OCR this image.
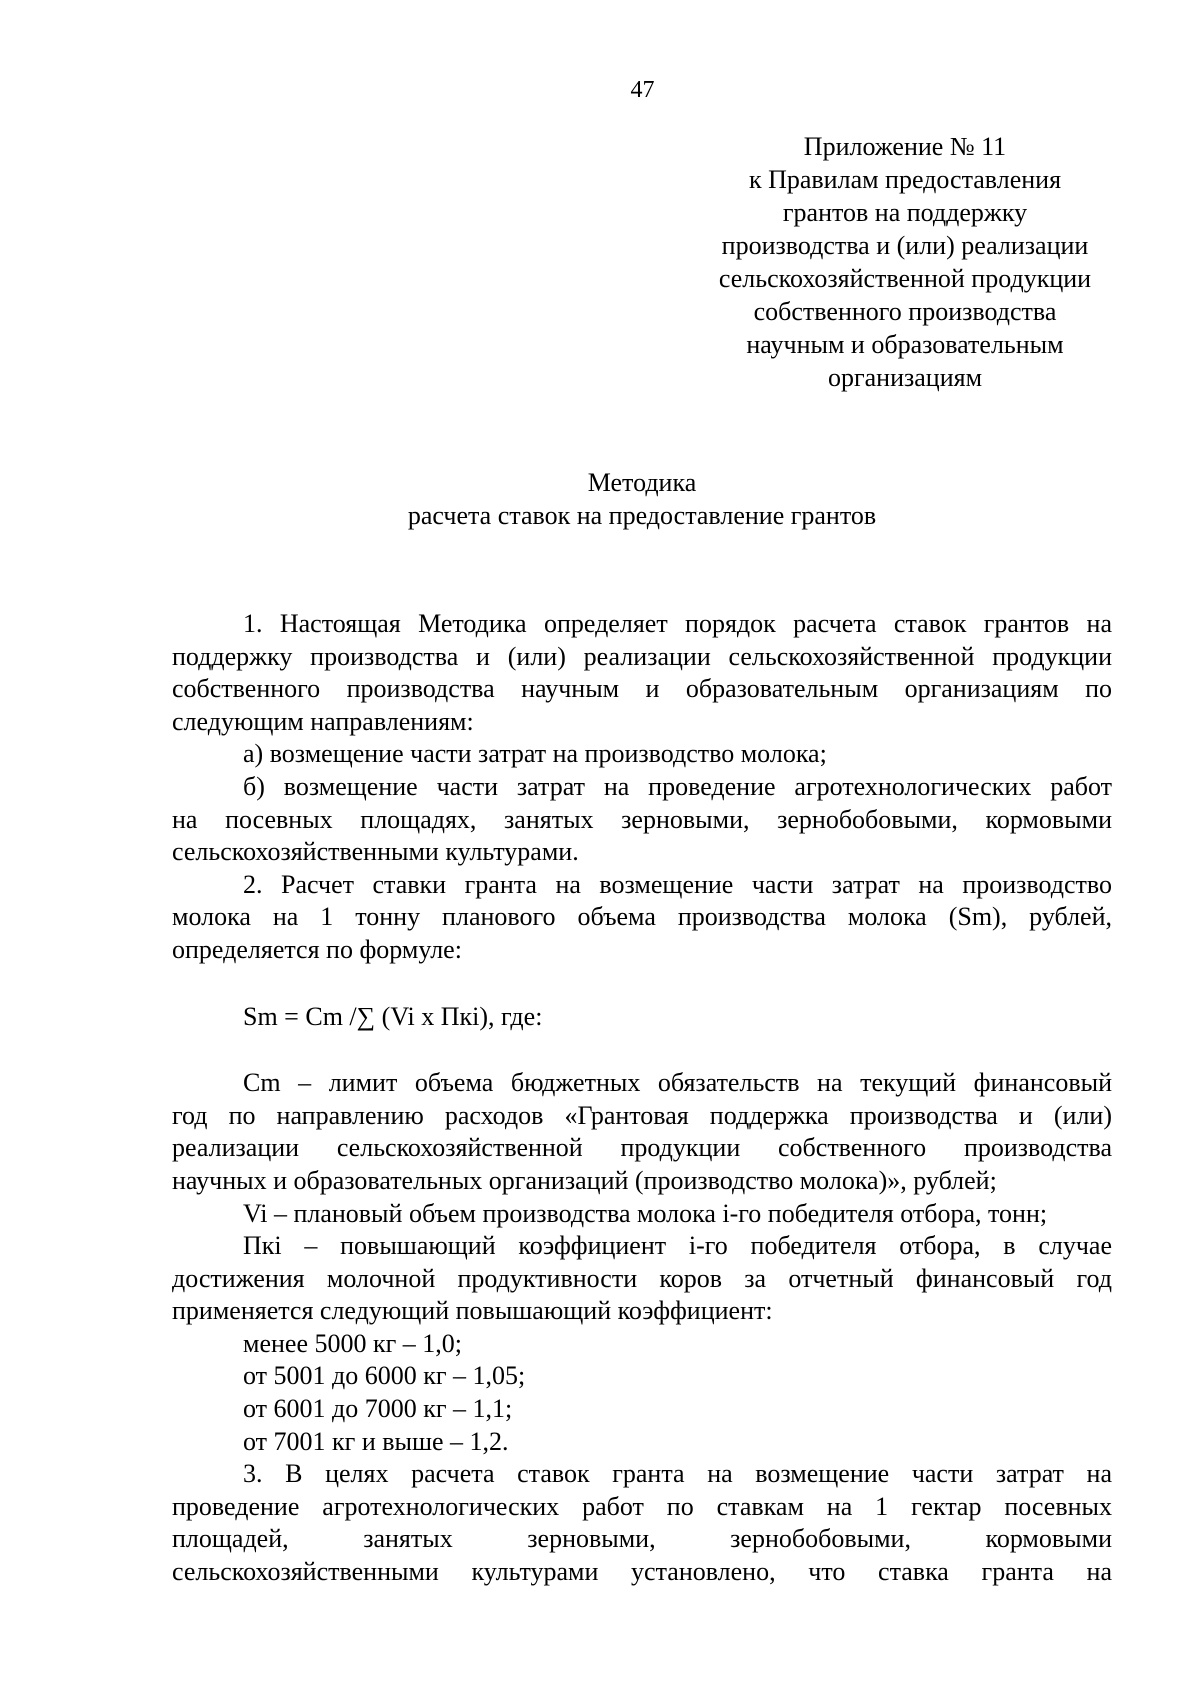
47
Приложение № 11
к Правилам предоставления
грантов на поддержку
производства и (или) реализации
сельскохозяйственной продукции
собственного производства
научным и образовательным
организациям
Методика
расчета ставок на предоставление грантов

1. Настоящая Методика определяет порядок расчета ставок грантов на

поддержку производства и (или) реализации сельскохозяйственной продукции

собственного производства научным и образовательным организациям по

следующим направлениям:

а) возмещение части затрат на производство молока;

б) возмещение части затрат на проведение агротехнологических работ

на посевных площадях, занятых зерновыми, зернобобовыми, кормовыми

сельскохозяйственными культурами.

2. Расчет ставки гранта на возмещение части затрат на производство

молока на 1 тонну планового объема производства молока (Sm), рублей,

определяется по формуле:

Sm = Cm /∑ (Vi x Пкi), где:

Cm – лимит объема бюджетных обязательств на текущий финансовый

год по направлению расходов «Грантовая поддержка производства и (или)

реализации сельскохозяйственной продукции собственного производства

научных и образовательных организаций (производство молока)», рублей;

Vi – плановый объем производства молока i-го победителя отбора, тонн;

Пкi – повышающий коэффициент i-го победителя отбора, в случае

достижения молочной продуктивности коров за отчетный финансовый год

применяется следующий повышающий коэффициент:

менее 5000 кг – 1,0;

от 5001 до 6000 кг – 1,05;

от 6001 до 7000 кг – 1,1;

от 7001 кг и выше – 1,2.

3. В целях расчета ставок гранта на возмещение части затрат на

проведение агротехнологических работ по ставкам на 1 гектар посевных

площадей, занятых зерновыми, зернобобовыми, кормовыми

сельскохозяйственными культурами установлено, что ставка гранта на
